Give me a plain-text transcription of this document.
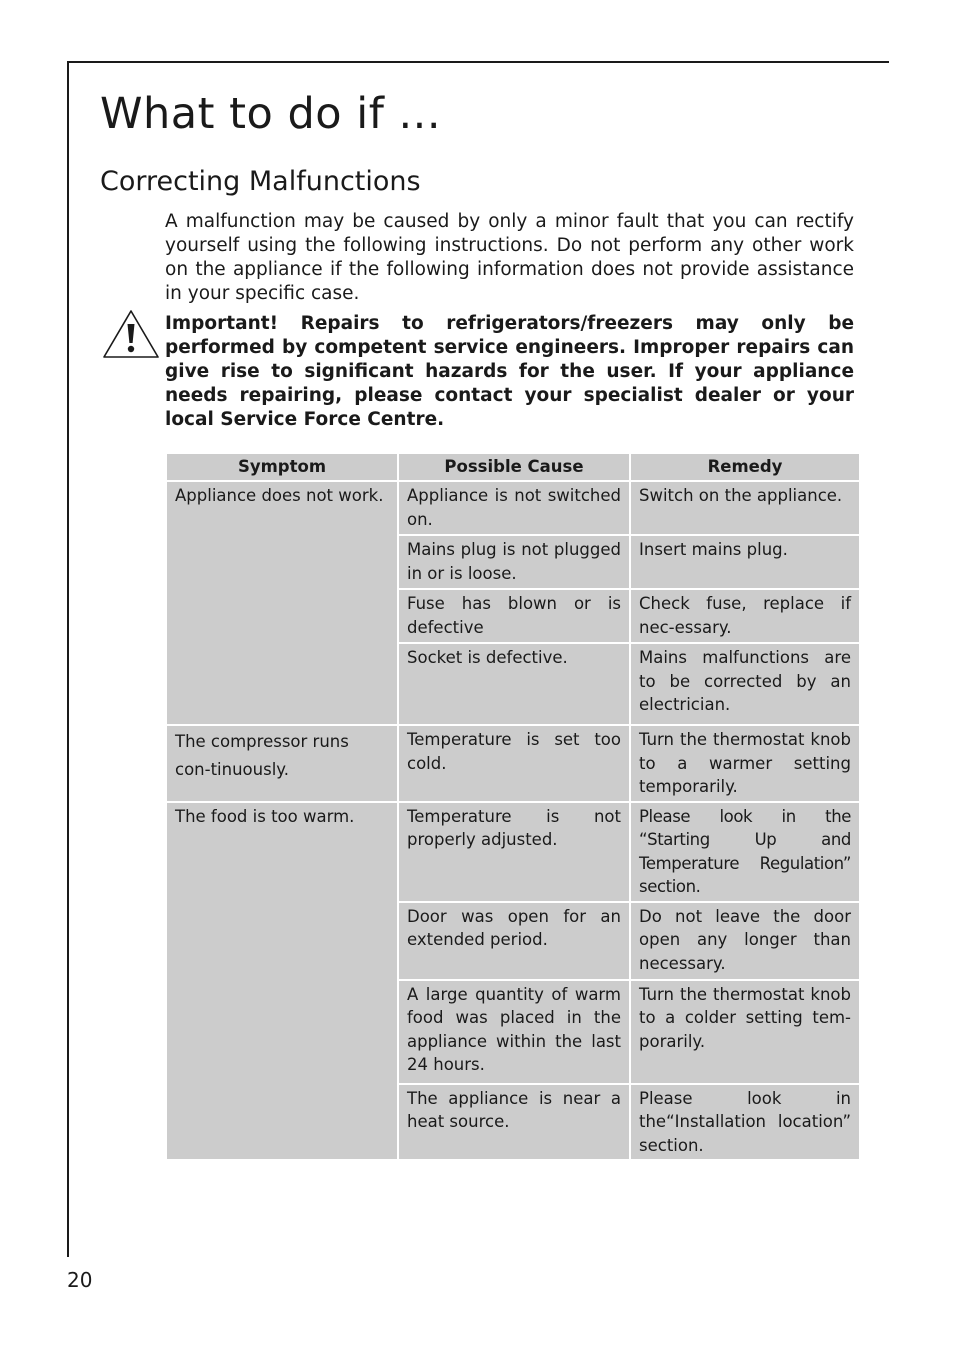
What to do if ...
Correcting Malfunctions

A malfunction may be caused by only a minor fault that you can rectify yourself using the following instructions. Do not perform any other work on the appliance if the following information does not provide assistance in your specific case.

Important! Repairs to refrigerators/freezers may only be performed by competent service engineers. Improper repairs can give rise to significant hazards for the user. If your appliance needs repairing, please contact your specialist dealer or your local Service Force Centre.

Symptom	Possible Cause	Remedy
Appliance does not work.	Appliance is not switched on.	Switch on the appliance.
	Mains plug is not plugged in or is loose.	Insert mains plug.
	Fuse has blown or is defective	Check fuse, replace if nec-essary.
	Socket is defective.	Mains malfunctions are to be corrected by an electrician.
The compressor runs con-tinuously.	Temperature is set too cold.	Turn the thermostat knob to a warmer setting temporarily.
The food is too warm.	Temperature is not properly adjusted.	Please look in the “Starting Up and Temperature Regulation” section.
	Door was open for an extended period.	Do not leave the door open any longer than necessary.
	A large quantity of warm food was placed in the appliance within the last 24 hours.	Turn the thermostat knob to a colder setting tem-porarily.
	The appliance is near a heat source.	Please look in the“Installation location” section.

20
